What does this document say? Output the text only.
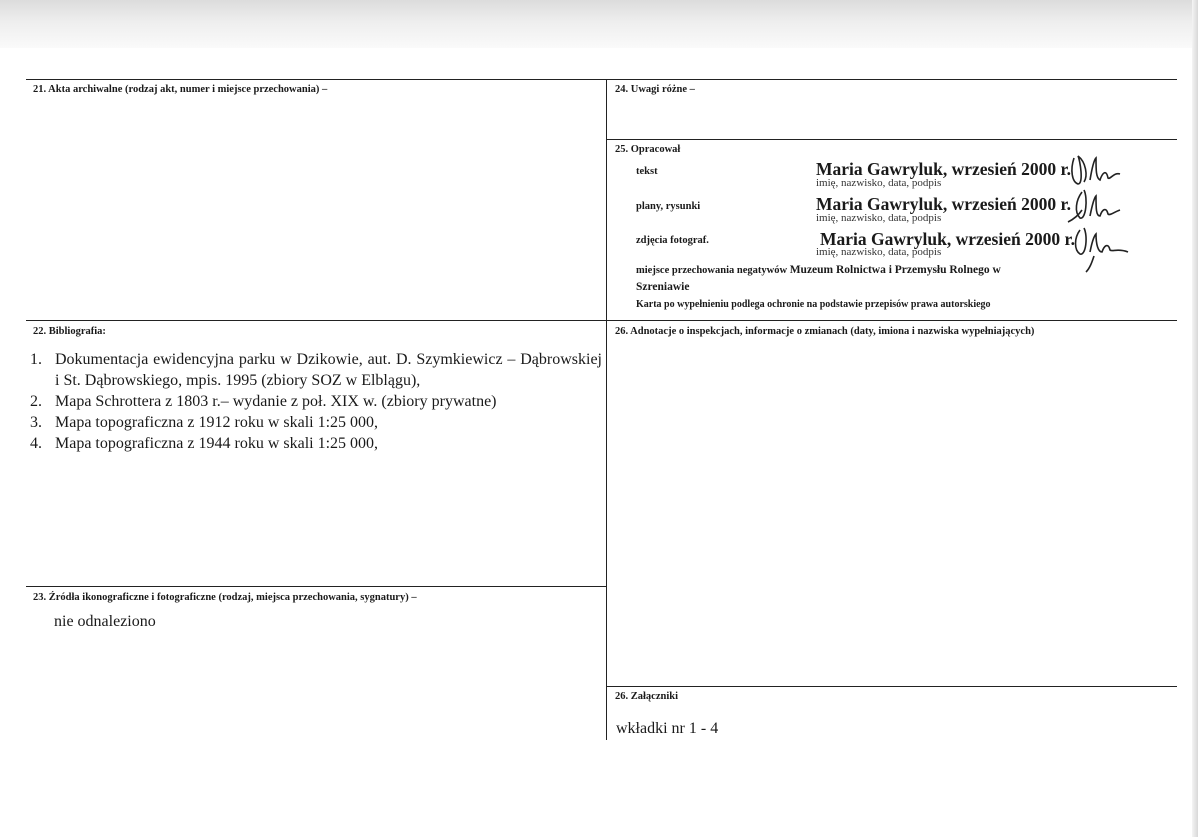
21. Akta archiwalne (rodzaj akt, numer i miejsce przechowania) –	24. Uwagi różne –
25. Opracował
tekst	Maria Gawryluk, wrzesień 2000 r.
imię, nazwisko, data, podpis
plany, rysunki	Maria Gawryluk, wrzesień 2000 r.
imię, nazwisko, data, podpis
zdjęcia fotograf.	Maria Gawryluk, wrzesień 2000 r.
imię, nazwisko, data, podpis
miejsce przechowania negatywów Muzeum Rolnictwa i Przemysłu Rolnego w
Szreniawie
Karta po wypełnieniu podlega ochronie na podstawie przepisów prawa autorskiego
22. Bibliografia:
1. Dokumentacja ewidencyjna parku w Dzikowie, aut. D. Szymkiewicz – Dąbrowskiej i St. Dąbrowskiego, mpis. 1995 (zbiory SOZ w Elblągu),
2. Mapa Schrottera z 1803 r.– wydanie z poł. XIX w. (zbiory prywatne)
3. Mapa topograficzna z 1912 roku w skali 1:25 000,
4. Mapa topograficzna z 1944 roku w skali 1:25 000,
26. Adnotacje o inspekcjach, informacje o zmianach (daty, imiona i nazwiska wypełniających)
23. Źródła ikonograficzne i fotograficzne (rodzaj, miejsca przechowania, sygnatury) –
nie odnaleziono
26. Załączniki
wkładki nr 1 - 4
